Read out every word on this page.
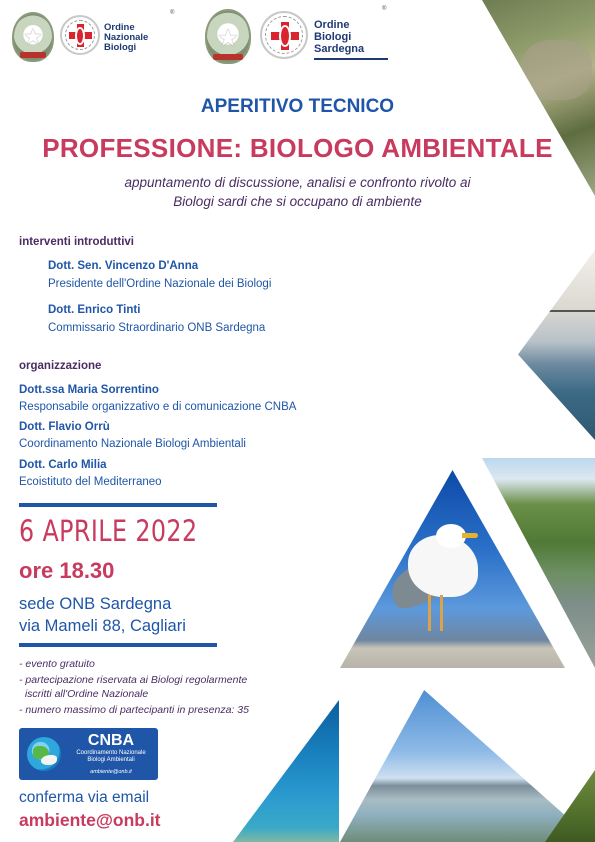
★	Ordine
Nazionale
Biologi
®
★	Ordine
Biologi
Sardegna
®
APERITIVO TECNICO
PROFESSIONE: BIOLOGO AMBIENTALE
appuntamento di discussione, analisi e confronto rivolto ai
Biologi sardi che si occupano di ambiente
interventi introduttivi
Dott. Sen. Vincenzo D'Anna
Presidente dell'Ordine Nazionale dei Biologi
Dott. Enrico Tinti
Commissario Straordinario ONB Sardegna
organizzazione
Dott.ssa Maria Sorrentino
Responsabile organizzativo e di comunicazione CNBA
Dott. Flavio Orrù
Coordinamento Nazionale Biologi Ambientali
Dott. Carlo Milia
Ecoistituto del Mediterraneo
6 APRILE 2022
ore 18.30
sede ONB Sardegna
via Mameli 88, Cagliari
- evento gratuito
- partecipazione riservata ai Biologi regolarmente
iscritti all'Ordine Nazionale
- numero massimo di partecipanti in presenza: 35
CNBA
Coordinamento Nazionale
Biologi Ambientali
ambiente@onb.it
conferma via email
ambiente@onb.it
